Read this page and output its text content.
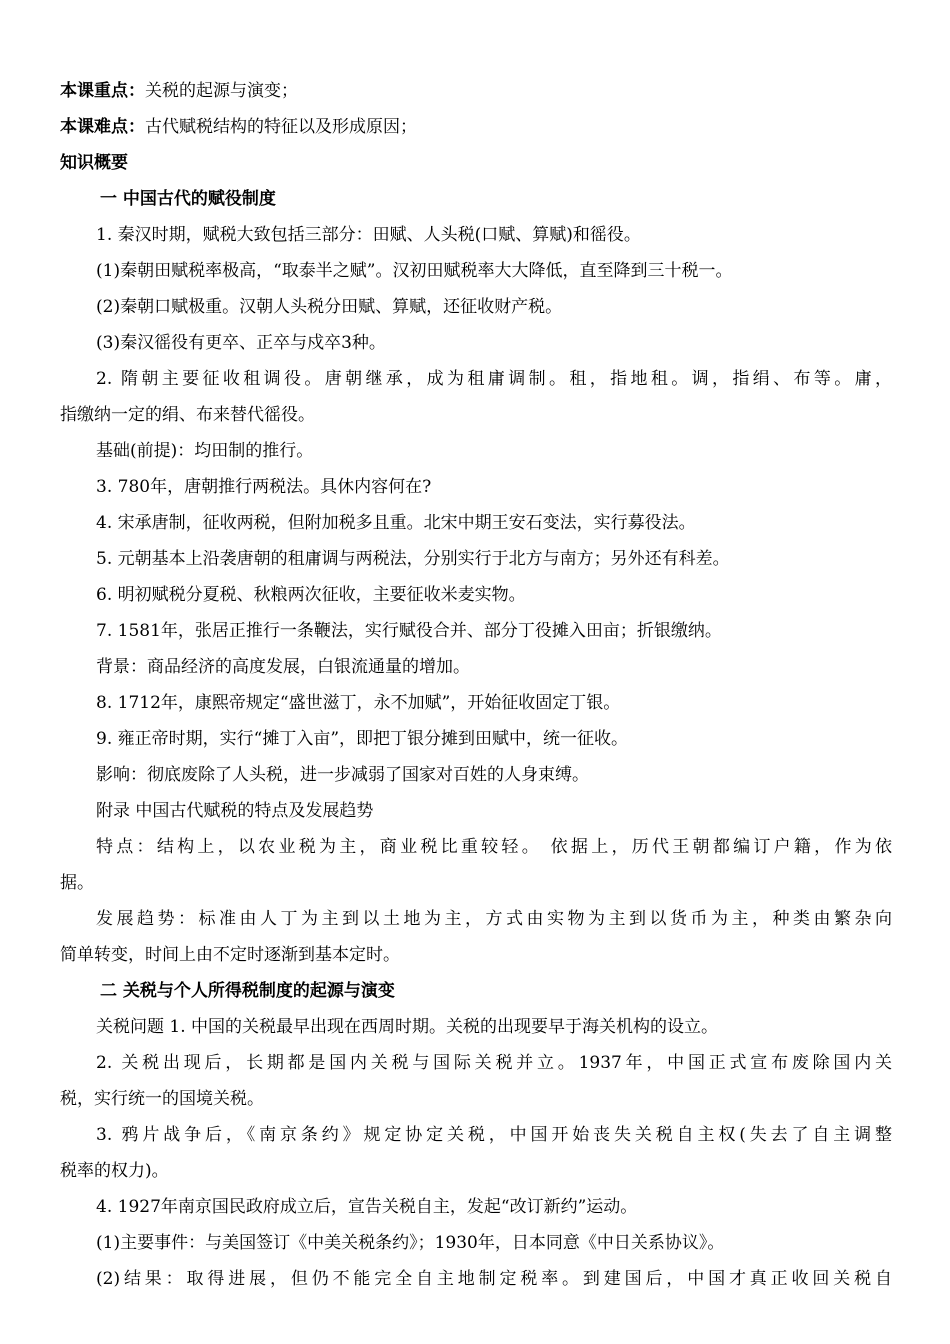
本课重点：关税的起源与演变；
本课难点：古代赋税结构的特征以及形成原因；
知识概要
一 中国古代的赋役制度
1. 秦汉时期，赋税大致包括三部分：田赋、人头税(口赋、算赋)和徭役。
(1)秦朝田赋税率极高，“取泰半之赋”。汉初田赋税率大大降低，直至降到三十税一。
(2)秦朝口赋极重。汉朝人头税分田赋、算赋，还征收财产税。
(3)秦汉徭役有更卒、正卒与戍卒3种。
2. 隋朝主要征收租调役。唐朝继承，成为租庸调制。租，指地租。调，指绢、布等。庸，
指缴纳一定的绢、布来替代徭役。
基础(前提)：均田制的推行。
3. 780年，唐朝推行两税法。具休内容何在?
4. 宋承唐制，征收两税，但附加税多且重。北宋中期王安石变法，实行募役法。
5. 元朝基本上沿袭唐朝的租庸调与两税法，分别实行于北方与南方；另外还有科差。
6. 明初赋税分夏税、秋粮两次征收，主要征收米麦实物。
7. 1581年，张居正推行一条鞭法，实行赋役合并、部分丁役摊入田亩；折银缴纳。
背景：商品经济的高度发展，白银流通量的增加。
8. 1712年，康熙帝规定“盛世滋丁，永不加赋”，开始征收固定丁银。
9. 雍正帝时期，实行“摊丁入亩”，即把丁银分摊到田赋中，统一征收。
影响：彻底废除了人头税，进一步减弱了国家对百姓的人身束缚。
附录 中国古代赋税的特点及发展趋势
特点：结构上，以农业税为主，商业税比重较轻。 依据上，历代王朝都编订户籍，作为依
据。
发展趋势：标准由人丁为主到以土地为主，方式由实物为主到以货币为主，种类由繁杂向
简单转变，时间上由不定时逐渐到基本定时。
二 关税与个人所得税制度的起源与演变
关税问题 1. 中国的关税最早出现在西周时期。关税的出现要早于海关机构的设立。
2. 关税出现后，长期都是国内关税与国际关税并立。1937年，中国正式宣布废除国内关
税，实行统一的国境关税。
3. 鸦片战争后，《南京条约》规定协定关税，中国开始丧失关税自主权(失去了自主调整
税率的权力)。
4. 1927年南京国民政府成立后，宣告关税自主，发起“改订新约”运动。
(1)主要事件：与美国签订《中美关税条约》；1930年，日本同意《中日关系协议》。
(2)结果：取得进展，但仍不能完全自主地制定税率。到建国后，中国才真正收回关税自
